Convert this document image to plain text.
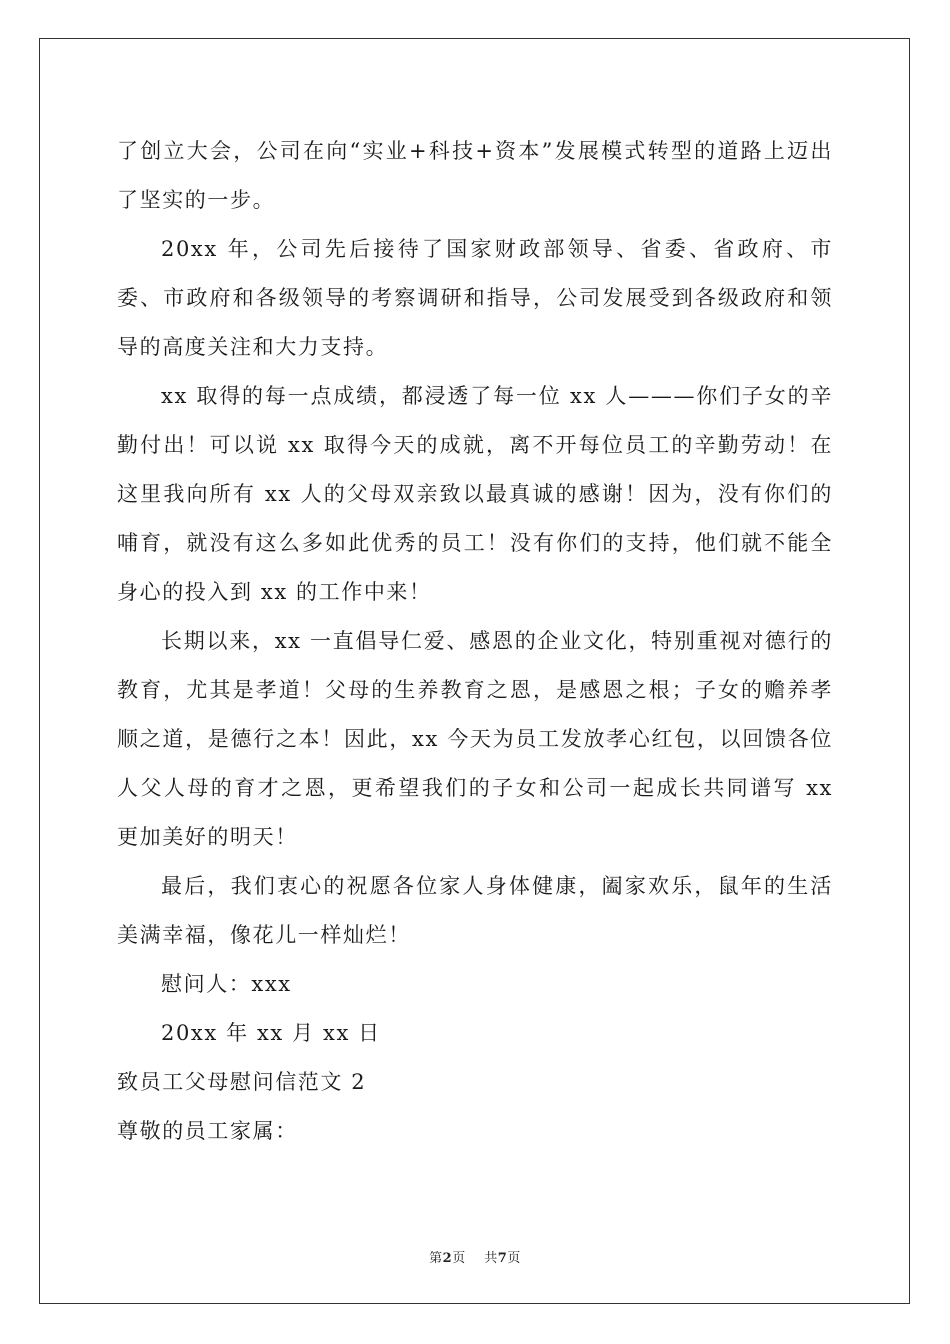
了创立大会，公司在向“实业+科技+资本”发展模式转型的道路上迈出了坚实的一步。

20xx 年，公司先后接待了国家财政部领导、省委、省政府、市委、市政府和各级领导的考察调研和指导，公司发展受到各级政府和领导的高度关注和大力支持。

xx 取得的每一点成绩，都浸透了每一位 xx 人———你们子女的辛勤付出！可以说 xx 取得今天的成就，离不开每位员工的辛勤劳动！在这里我向所有 xx 人的父母双亲致以最真诚的感谢！因为，没有你们的哺育，就没有这么多如此优秀的员工！没有你们的支持，他们就不能全身心的投入到 xx 的工作中来！

长期以来，xx 一直倡导仁爱、感恩的企业文化，特别重视对德行的教育，尤其是孝道！父母的生养教育之恩，是感恩之根；子女的赡养孝顺之道，是德行之本！因此，xx 今天为员工发放孝心红包，以回馈各位人父人母的育才之恩，更希望我们的子女和公司一起成长共同谱写 xx 更加美好的明天！

最后，我们衷心的祝愿各位家人身体健康，阖家欢乐，鼠年的生活美满幸福，像花儿一样灿烂！

慰问人：xxx

20xx 年 xx 月 xx 日

致员工父母慰问信范文 2

尊敬的员工家属：

第2页 共7页
